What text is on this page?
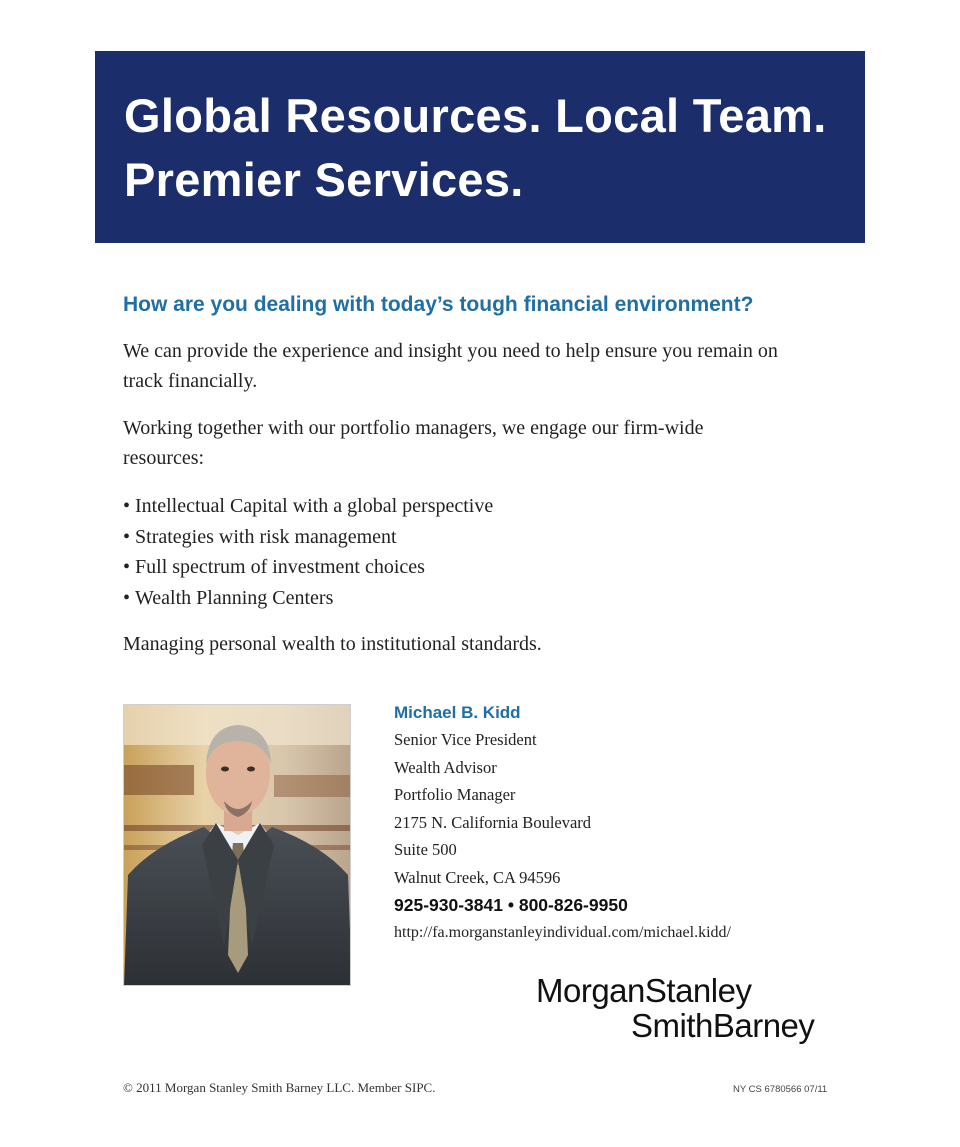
Global Resources. Local Team.
Premier Services.
How are you dealing with today’s tough financial environment?

We can provide the experience and insight you need to help ensure you remain on track financially.

Working together with our portfolio managers, we engage our firm-wide resources:

• Intellectual Capital with a global perspective
• Strategies with risk management
• Full spectrum of investment choices
• Wealth Planning Centers

Managing personal wealth to institutional standards.

Michael B. Kidd
Senior Vice President
Wealth Advisor
Portfolio Manager
2175 N. California Boulevard
Suite 500
Walnut Creek, CA 94596
925-930-3841 • 800-826-9950
http://fa.morganstanleyindividual.com/michael.kidd/
MorganStanley
SmithBarney
© 2011 Morgan Stanley Smith Barney LLC. Member SIPC.	NY CS 6780566 07/11
